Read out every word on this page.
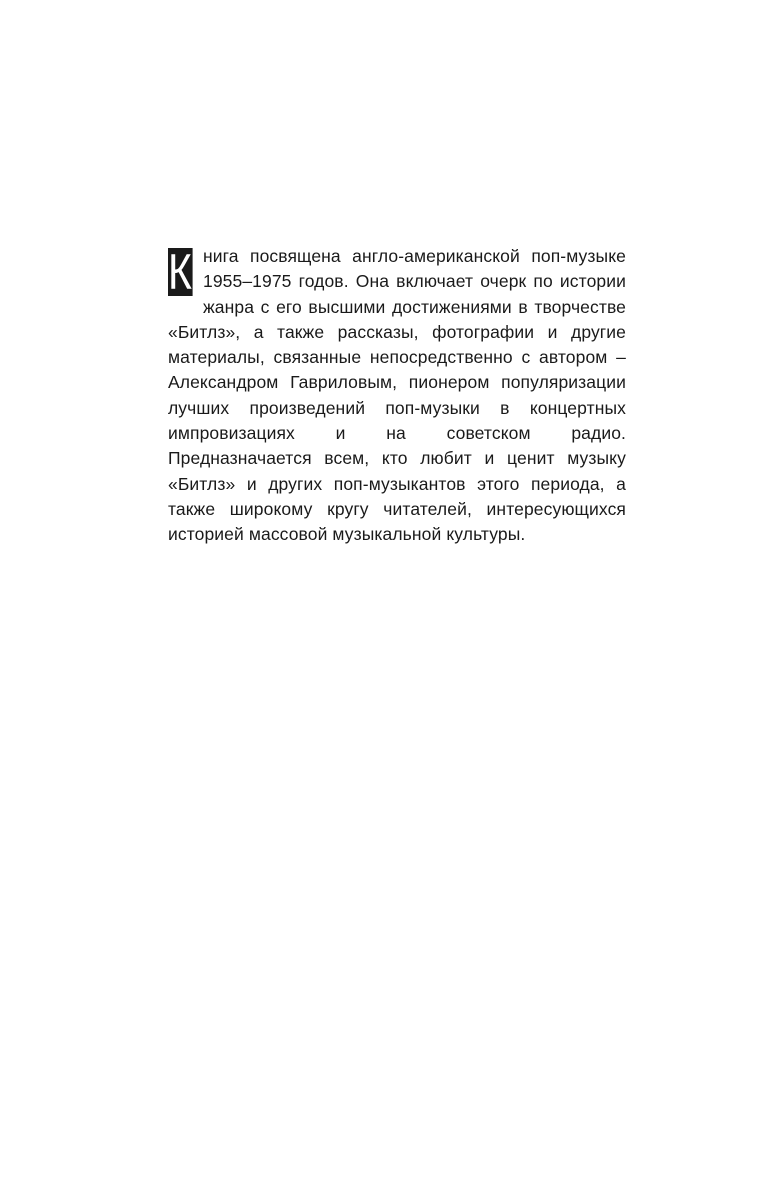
К нига посвящена англо-американской поп-музыке 1955–1975 годов. Она включает очерк по истории жанра с его высшими достижениями в творчестве «Битлз», а также рассказы, фотографии и другие материалы, связанные непосредственно с автором – Александром Гавриловым, пионером популяризации лучших произведений поп-музыки в концертных импровизациях и на советском радио. Предназначается всем, кто любит и ценит музыку «Битлз» и других поп-музыкантов этого периода, а также широкому кругу читателей, интересующихся историей массовой музыкальной культуры.
